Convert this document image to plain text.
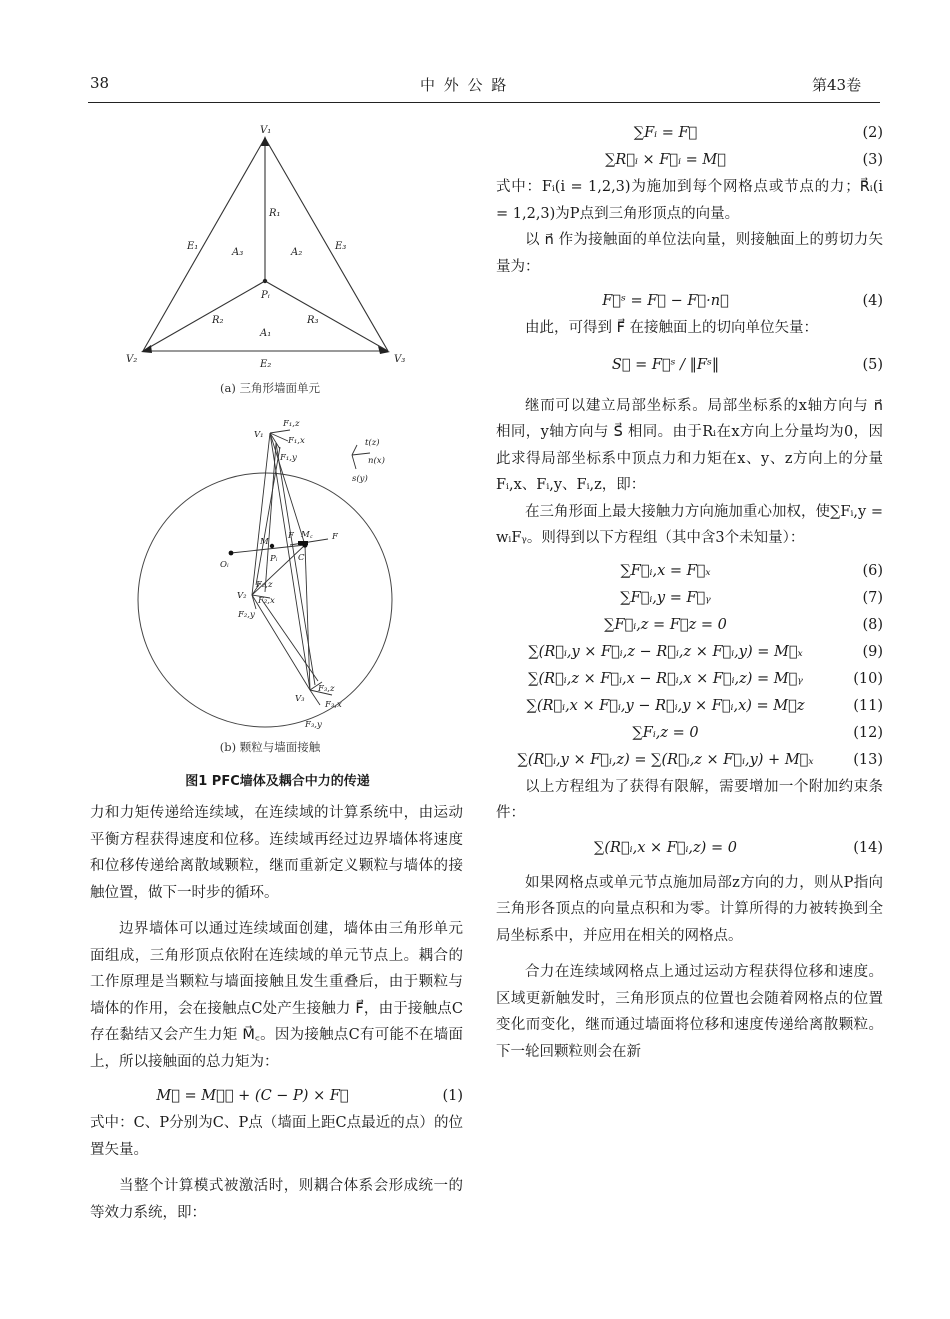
38	中 外 公 路	第43卷
V₁
V₂	V₃
R₁
R₂	R₃
A₁
A₂
A₃
E₁
E₂
E₃
Pᵢ
(a) 三角形墙面单元
V₁
F₁,z
F₁,x
F₁,y
t(z)
n(x)
s(y)
Oᵢ
M
F M꜀ F
Pᵢ C
V₂
F₂,z
F₂,x
F₂,y
V₃
F₃,z
F₃,x
F₃,y
(b) 颗粒与墙面接触
图1 PFC墙体及耦合中力的传递

力和力矩传递给连续域，在连续域的计算系统中，由运动平衡方程获得速度和位移。连续域再经过边界墙体将速度和位移传递给离散域颗粒，继而重新定义颗粒与墙体的接触位置，做下一时步的循环。

边界墙体可以通过连续域面创建，墙体由三角形单元面组成，三角形顶点依附在连续域的单元节点上。耦合的工作原理是当颗粒与墙面接触且发生重叠后，由于颗粒与墙体的作用，会在接触点C处产生接触力 F⃗，由于接触点C存在黏结又会产生力矩 M⃗꜀。因为接触点C有可能不在墙面上，所以接触面的总力矩为：

M⃗ = M⃗꜀ + (C − P) × F⃗	(1)

式中：C、P分别为C、P点（墙面上距C点最近的点）的位置矢量。

当整个计算模式被激活时，则耦合体系会形成统一的等效力系统，即：

∑Fᵢ = F⃗	(2)
∑R⃗ᵢ × F⃗ᵢ = M⃗	(3)

式中：Fᵢ(i = 1,2,3)为施加到每个网格点或节点的力；R⃗ᵢ(i = 1,2,3)为P点到三角形顶点的向量。

以 n⃗ 作为接触面的单位法向量，则接触面上的剪切力矢量为：

F⃗ˢ = F⃗ − F⃗·n⃗	(4)

由此，可得到 F⃗ 在接触面上的切向单位矢量：

S⃗ = F⃗ˢ / ‖Fˢ‖	(5)

继而可以建立局部坐标系。局部坐标系的x轴方向与 n⃗ 相同，y轴方向与 S⃗ 相同。由于Rᵢ在x方向上分量均为0，因此求得局部坐标系中顶点力和力矩在x、y、z方向上的分量Fᵢ,x、Fᵢ,y、Fᵢ,z，即：

在三角形面上最大接触力方向施加重心加权，使∑Fᵢ,y = wᵢFᵧ。则得到以下方程组（其中含3个未知量）：

∑F⃗ᵢ,x = F⃗ₓ	(6)
∑F⃗ᵢ,y = F⃗ᵧ	(7)
∑F⃗ᵢ,z = F⃗z = 0	(8)
∑(R⃗ᵢ,y × F⃗ᵢ,z − R⃗ᵢ,z × F⃗ᵢ,y) = M⃗ₓ	(9)
∑(R⃗ᵢ,z × F⃗ᵢ,x − R⃗ᵢ,x × F⃗ᵢ,z) = M⃗ᵧ	(10)
∑(R⃗ᵢ,x × F⃗ᵢ,y − R⃗ᵢ,y × F⃗ᵢ,x) = M⃗z	(11)
∑Fᵢ,z = 0	(12)
∑(R⃗ᵢ,y × F⃗ᵢ,z) = ∑(R⃗ᵢ,z × F⃗ᵢ,y) + M⃗ₓ	(13)

以上方程组为了获得有限解，需要增加一个附加约束条件：

∑(R⃗ᵢ,x × F⃗ᵢ,z) = 0	(14)

如果网格点或单元节点施加局部z方向的力，则从P指向三角形各顶点的向量点积和为零。计算所得的力被转换到全局坐标系中，并应用在相关的网格点。

合力在连续域网格点上通过运动方程获得位移和速度。区域更新触发时，三角形顶点的位置也会随着网格点的位置变化而变化，继而通过墙面将位移和速度传递给离散颗粒。下一轮回颗粒则会在新
